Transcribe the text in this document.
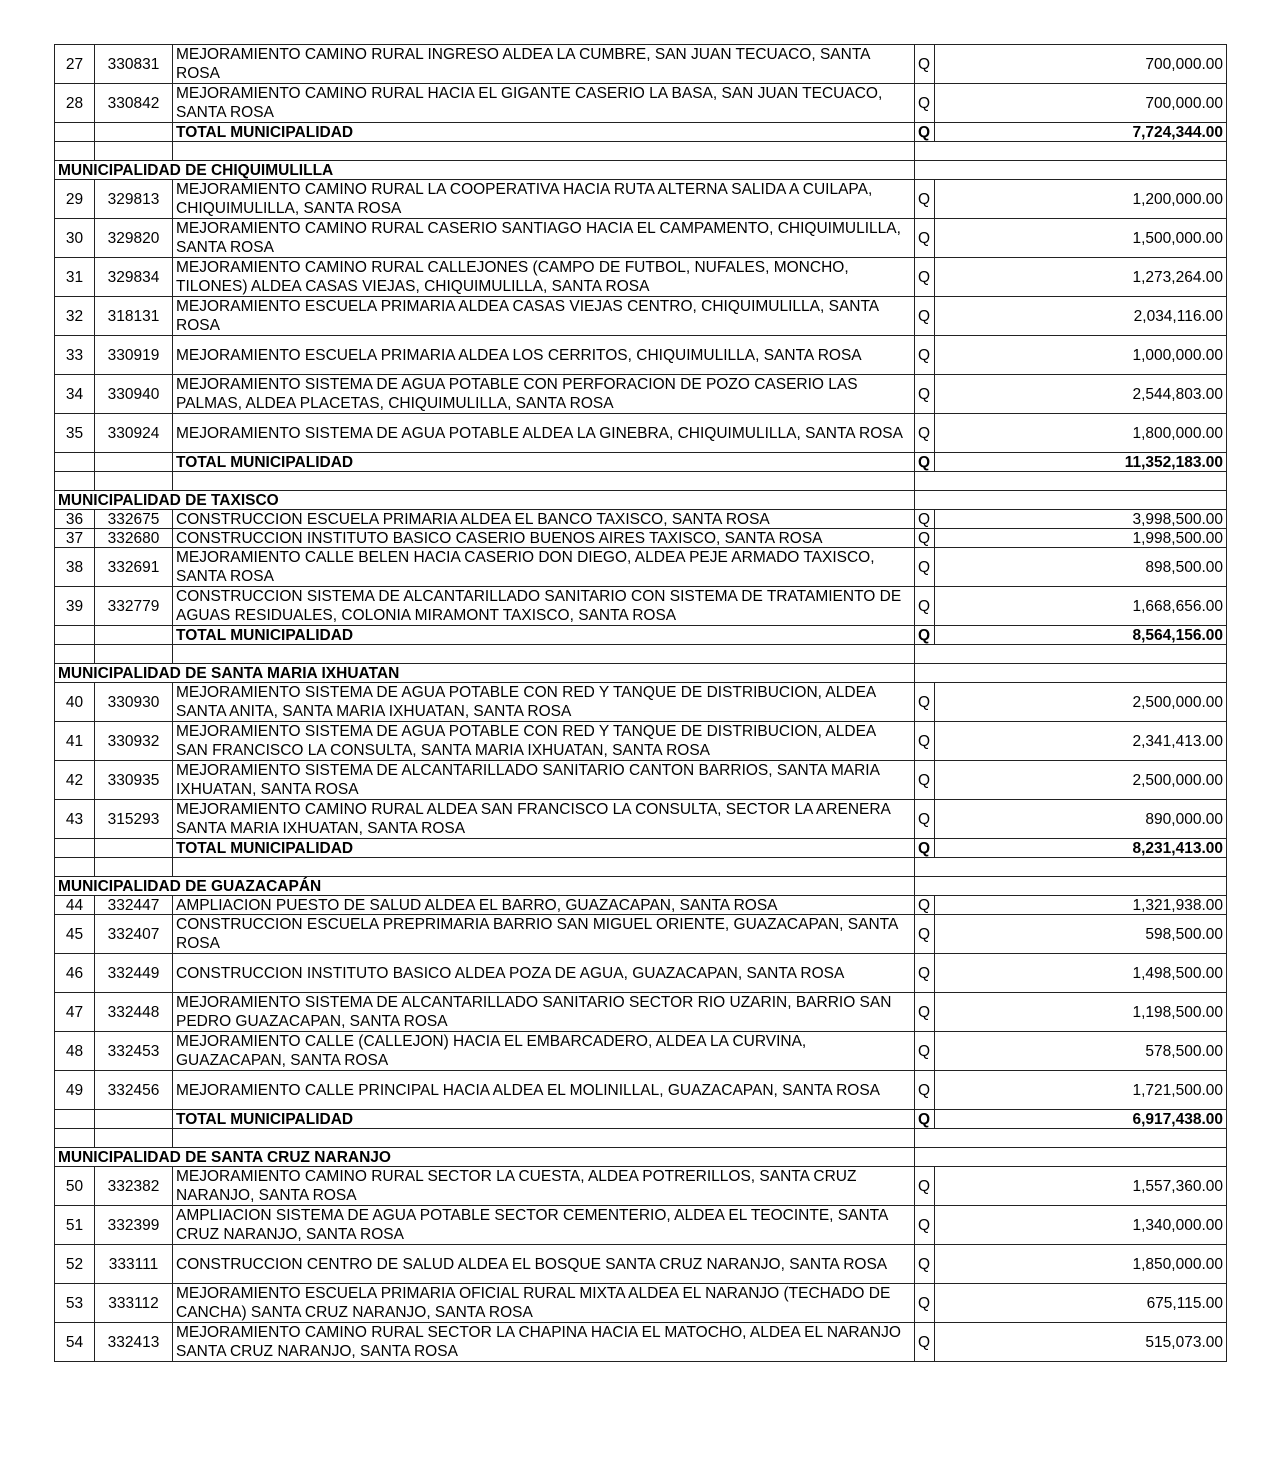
27	330831	MEJORAMIENTO CAMINO RURAL INGRESO ALDEA LA CUMBRE, SAN JUAN TECUACO, SANTA ROSA	Q	700,000.00
28	330842	MEJORAMIENTO CAMINO RURAL HACIA EL GIGANTE CASERIO LA BASA, SAN JUAN TECUACO, SANTA ROSA	Q	700,000.00
		TOTAL MUNICIPALIDAD	Q	7,724,344.00

MUNICIPALIDAD DE CHIQUIMULILLA				
29	329813	MEJORAMIENTO CAMINO RURAL LA COOPERATIVA HACIA RUTA ALTERNA SALIDA A CUILAPA, CHIQUIMULILLA, SANTA ROSA	Q	1,200,000.00
30	329820	MEJORAMIENTO CAMINO RURAL CASERIO SANTIAGO HACIA EL CAMPAMENTO, CHIQUIMULILLA, SANTA ROSA	Q	1,500,000.00
31	329834	MEJORAMIENTO CAMINO RURAL CALLEJONES (CAMPO DE FUTBOL, NUFALES, MONCHO, TILONES) ALDEA CASAS VIEJAS, CHIQUIMULILLA, SANTA ROSA	Q	1,273,264.00
32	318131	MEJORAMIENTO ESCUELA PRIMARIA ALDEA CASAS VIEJAS CENTRO, CHIQUIMULILLA, SANTA ROSA	Q	2,034,116.00
33	330919	MEJORAMIENTO ESCUELA PRIMARIA ALDEA LOS CERRITOS, CHIQUIMULILLA, SANTA ROSA	Q	1,000,000.00
34	330940	MEJORAMIENTO SISTEMA DE AGUA POTABLE CON PERFORACION DE POZO CASERIO LAS PALMAS, ALDEA PLACETAS, CHIQUIMULILLA, SANTA ROSA	Q	2,544,803.00
35	330924	MEJORAMIENTO SISTEMA DE AGUA POTABLE ALDEA LA GINEBRA, CHIQUIMULILLA, SANTA ROSA	Q	1,800,000.00
		TOTAL MUNICIPALIDAD	Q	11,352,183.00

MUNICIPALIDAD DE TAXISCO				
36	332675	CONSTRUCCION ESCUELA PRIMARIA ALDEA EL BANCO TAXISCO, SANTA ROSA	Q	3,998,500.00
37	332680	CONSTRUCCION INSTITUTO BASICO CASERIO BUENOS AIRES TAXISCO, SANTA ROSA	Q	1,998,500.00
38	332691	MEJORAMIENTO CALLE BELEN HACIA CASERIO DON DIEGO, ALDEA PEJE ARMADO TAXISCO, SANTA ROSA	Q	898,500.00
39	332779	CONSTRUCCION SISTEMA DE ALCANTARILLADO SANITARIO CON SISTEMA DE TRATAMIENTO DE AGUAS RESIDUALES, COLONIA MIRAMONT TAXISCO, SANTA ROSA	Q	1,668,656.00
		TOTAL MUNICIPALIDAD	Q	8,564,156.00

MUNICIPALIDAD DE SANTA MARIA IXHUATAN				
40	330930	MEJORAMIENTO SISTEMA DE AGUA POTABLE CON RED Y TANQUE DE DISTRIBUCION, ALDEA SANTA ANITA, SANTA MARIA IXHUATAN, SANTA ROSA	Q	2,500,000.00
41	330932	MEJORAMIENTO SISTEMA DE AGUA POTABLE CON RED Y TANQUE DE DISTRIBUCION, ALDEA SAN FRANCISCO LA CONSULTA, SANTA MARIA IXHUATAN, SANTA ROSA	Q	2,341,413.00
42	330935	MEJORAMIENTO SISTEMA DE ALCANTARILLADO SANITARIO CANTON BARRIOS, SANTA MARIA IXHUATAN, SANTA ROSA	Q	2,500,000.00
43	315293	MEJORAMIENTO CAMINO RURAL ALDEA SAN FRANCISCO LA CONSULTA, SECTOR LA ARENERA SANTA MARIA IXHUATAN, SANTA ROSA	Q	890,000.00
		TOTAL MUNICIPALIDAD	Q	8,231,413.00

MUNICIPALIDAD DE GUAZACAPÁN				
44	332447	AMPLIACION PUESTO DE SALUD ALDEA EL BARRO, GUAZACAPAN, SANTA ROSA	Q	1,321,938.00
45	332407	CONSTRUCCION ESCUELA PREPRIMARIA BARRIO SAN MIGUEL ORIENTE, GUAZACAPAN, SANTA ROSA	Q	598,500.00
46	332449	CONSTRUCCION INSTITUTO BASICO ALDEA POZA DE AGUA, GUAZACAPAN, SANTA ROSA	Q	1,498,500.00
47	332448	MEJORAMIENTO SISTEMA DE ALCANTARILLADO SANITARIO SECTOR RIO UZARIN, BARRIO SAN PEDRO GUAZACAPAN, SANTA ROSA	Q	1,198,500.00
48	332453	MEJORAMIENTO CALLE (CALLEJON) HACIA EL EMBARCADERO, ALDEA LA CURVINA, GUAZACAPAN, SANTA ROSA	Q	578,500.00
49	332456	MEJORAMIENTO CALLE PRINCIPAL HACIA ALDEA EL MOLINILLAL, GUAZACAPAN, SANTA ROSA	Q	1,721,500.00
		TOTAL MUNICIPALIDAD	Q	6,917,438.00

MUNICIPALIDAD DE SANTA CRUZ NARANJO				
50	332382	MEJORAMIENTO CAMINO RURAL SECTOR LA CUESTA, ALDEA POTRERILLOS, SANTA CRUZ NARANJO, SANTA ROSA	Q	1,557,360.00
51	332399	AMPLIACION SISTEMA DE AGUA POTABLE SECTOR CEMENTERIO, ALDEA EL TEOCINTE, SANTA CRUZ NARANJO, SANTA ROSA	Q	1,340,000.00
52	333111	CONSTRUCCION CENTRO DE SALUD ALDEA EL BOSQUE SANTA CRUZ NARANJO, SANTA ROSA	Q	1,850,000.00
53	333112	MEJORAMIENTO ESCUELA PRIMARIA OFICIAL RURAL MIXTA ALDEA EL NARANJO (TECHADO DE CANCHA) SANTA CRUZ NARANJO, SANTA ROSA	Q	675,115.00
54	332413	MEJORAMIENTO CAMINO RURAL SECTOR LA CHAPINA HACIA EL MATOCHO, ALDEA EL NARANJO SANTA CRUZ NARANJO, SANTA ROSA	Q	515,073.00
